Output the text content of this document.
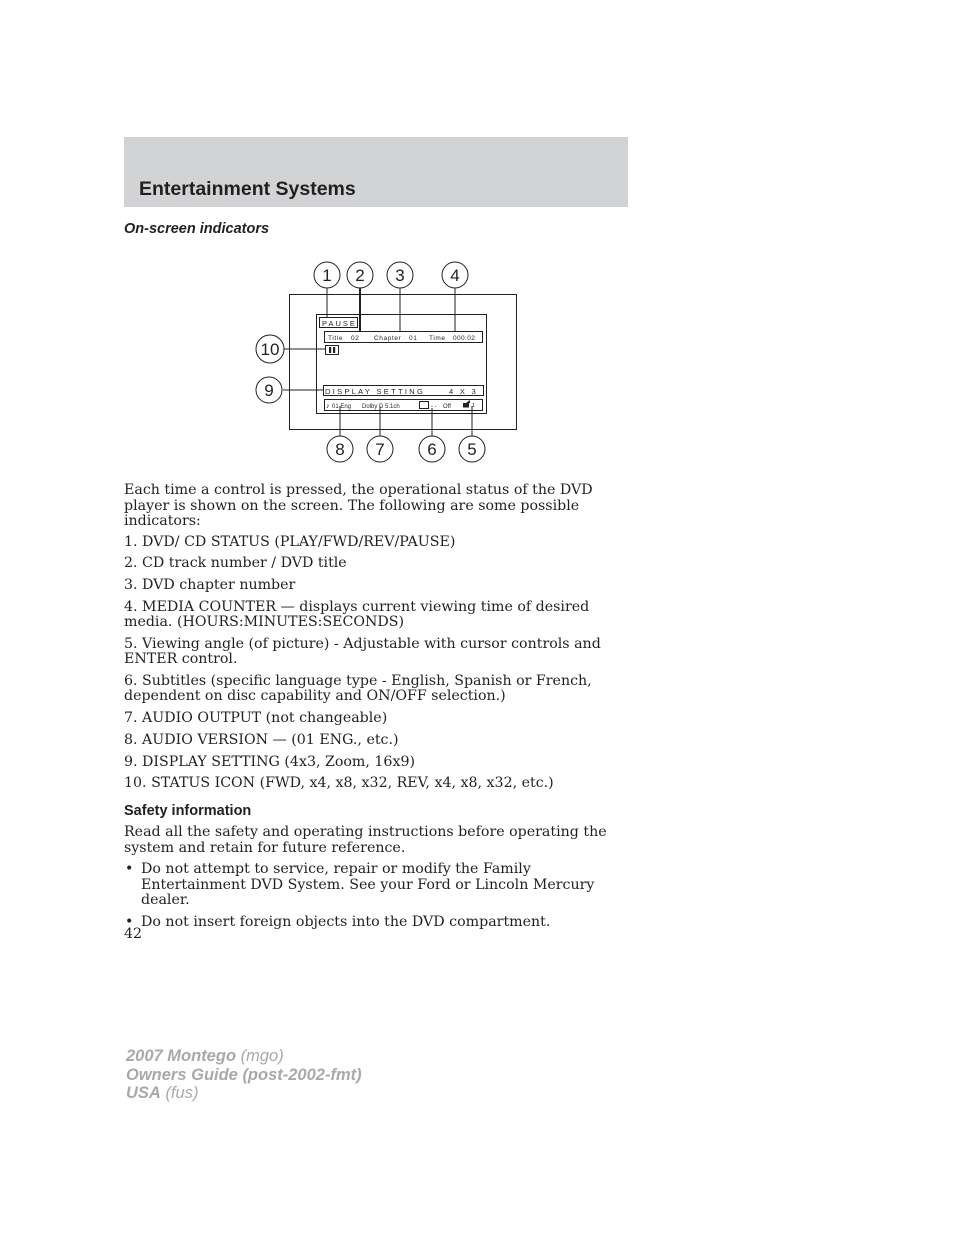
Entertainment Systems
On-screen indicators
♪
1 2 3	4
5
6
7
8
9
10
PAUSE
Title 02 Chapter 01 Time 000:02
DISPLAY SETTING	4 X 3
01 Eng Dolby D 5.1ch	- - Off	1

Each time a control is pressed, the operational status of the DVD player is shown on the screen. The following are some possible indicators:

1. DVD/ CD STATUS (PLAY/FWD/REV/PAUSE)

2. CD track number / DVD title

3. DVD chapter number

4. MEDIA COUNTER — displays current viewing time of desired media. (HOURS:MINUTES:SECONDS)

5. Viewing angle (of picture) - Adjustable with cursor controls and ENTER control.

6. Subtitles (specific language type - English, Spanish or French, dependent on disc capability and ON/OFF selection.)

7. AUDIO OUTPUT (not changeable)

8. AUDIO VERSION — (01 ENG., etc.)

9. DISPLAY SETTING (4x3, Zoom, 16x9)

10. STATUS ICON (FWD, x4, x8, x32, REV, x4, x8, x32, etc.)

Safety information

Read all the safety and operating instructions before operating the system and retain for future reference.

• Do not attempt to service, repair or modify the Family Entertainment DVD System. See your Ford or Lincoln Mercury dealer.
• Do not insert foreign objects into the DVD compartment.
42
2007 Montego (mgo)
Owners Guide (post-2002-fmt)
USA (fus)
